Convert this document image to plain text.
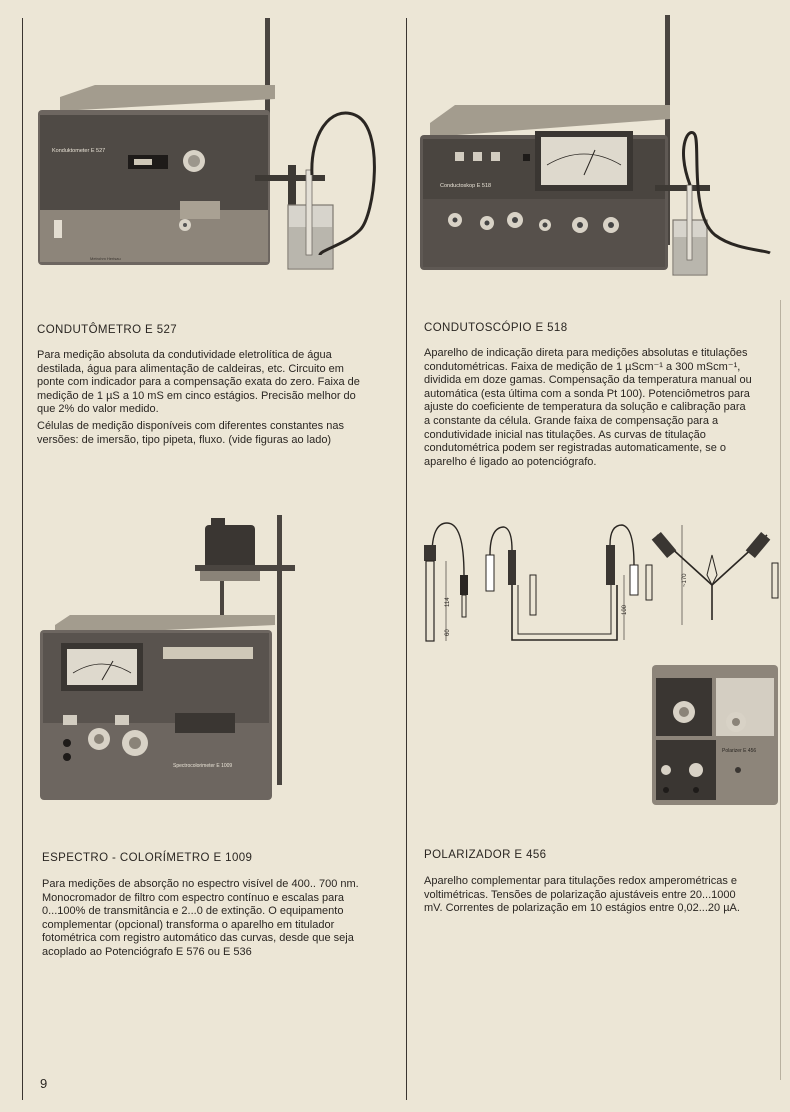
Konduktometer E 527
Metrohm Herisau
Conductoskop E 518
Spectrocolorimeter E 1009
114
60
100
~170
Polarizer E 456
CONDUTÔMETRO E 527

Para medição absoluta da condutividade eletrolítica de água destilada, água para alimentação de caldeiras, etc. Circuito em ponte com indicador para a compensação exata do zero. Faixa de medição de 1 µS a 10 mS em cinco estágios. Precisão melhor do que 2% do valor medido.

Células de medição disponíveis com diferentes constantes nas versões: de imersão, tipo pipeta, fluxo. (vide figuras ao lado)

CONDUTOSCÓPIO E 518

Aparelho de indicação direta para medições absolutas e titulações condutométricas. Faixa de medição de 1 µScm⁻¹ a 300 mScm⁻¹, dividida em doze gamas. Compensação da temperatura manual ou automática (esta última com a sonda Pt 100). Potenciômetros para ajuste do coeficiente de temperatura da solução e calibração para a constante da célula. Grande faixa de compensação para a condutividade inicial nas titulações. As curvas de titulação condutométrica podem ser registradas automaticamente, se o aparelho é ligado ao potenciógrafo.

ESPECTRO - COLORÍMETRO E 1009

Para medições de absorção no espectro visível de 400.. 700 nm. Monocromador de filtro com espectro contínuo e escalas para 0...100% de transmitância e 2...0 de extinção. O equipamento complementar (opcional) transforma o aparelho em titulador fotométrica com registro automático das curvas, desde que seja acoplado ao Potenciógrafo E 576 ou E 536

POLARIZADOR E 456

Aparelho complementar para titulações redox amperométricas e voltimétricas. Tensões de polarização ajustáveis entre 20...1000 mV. Correntes de polarização em 10 estágios entre 0,02...20 µA.

9
